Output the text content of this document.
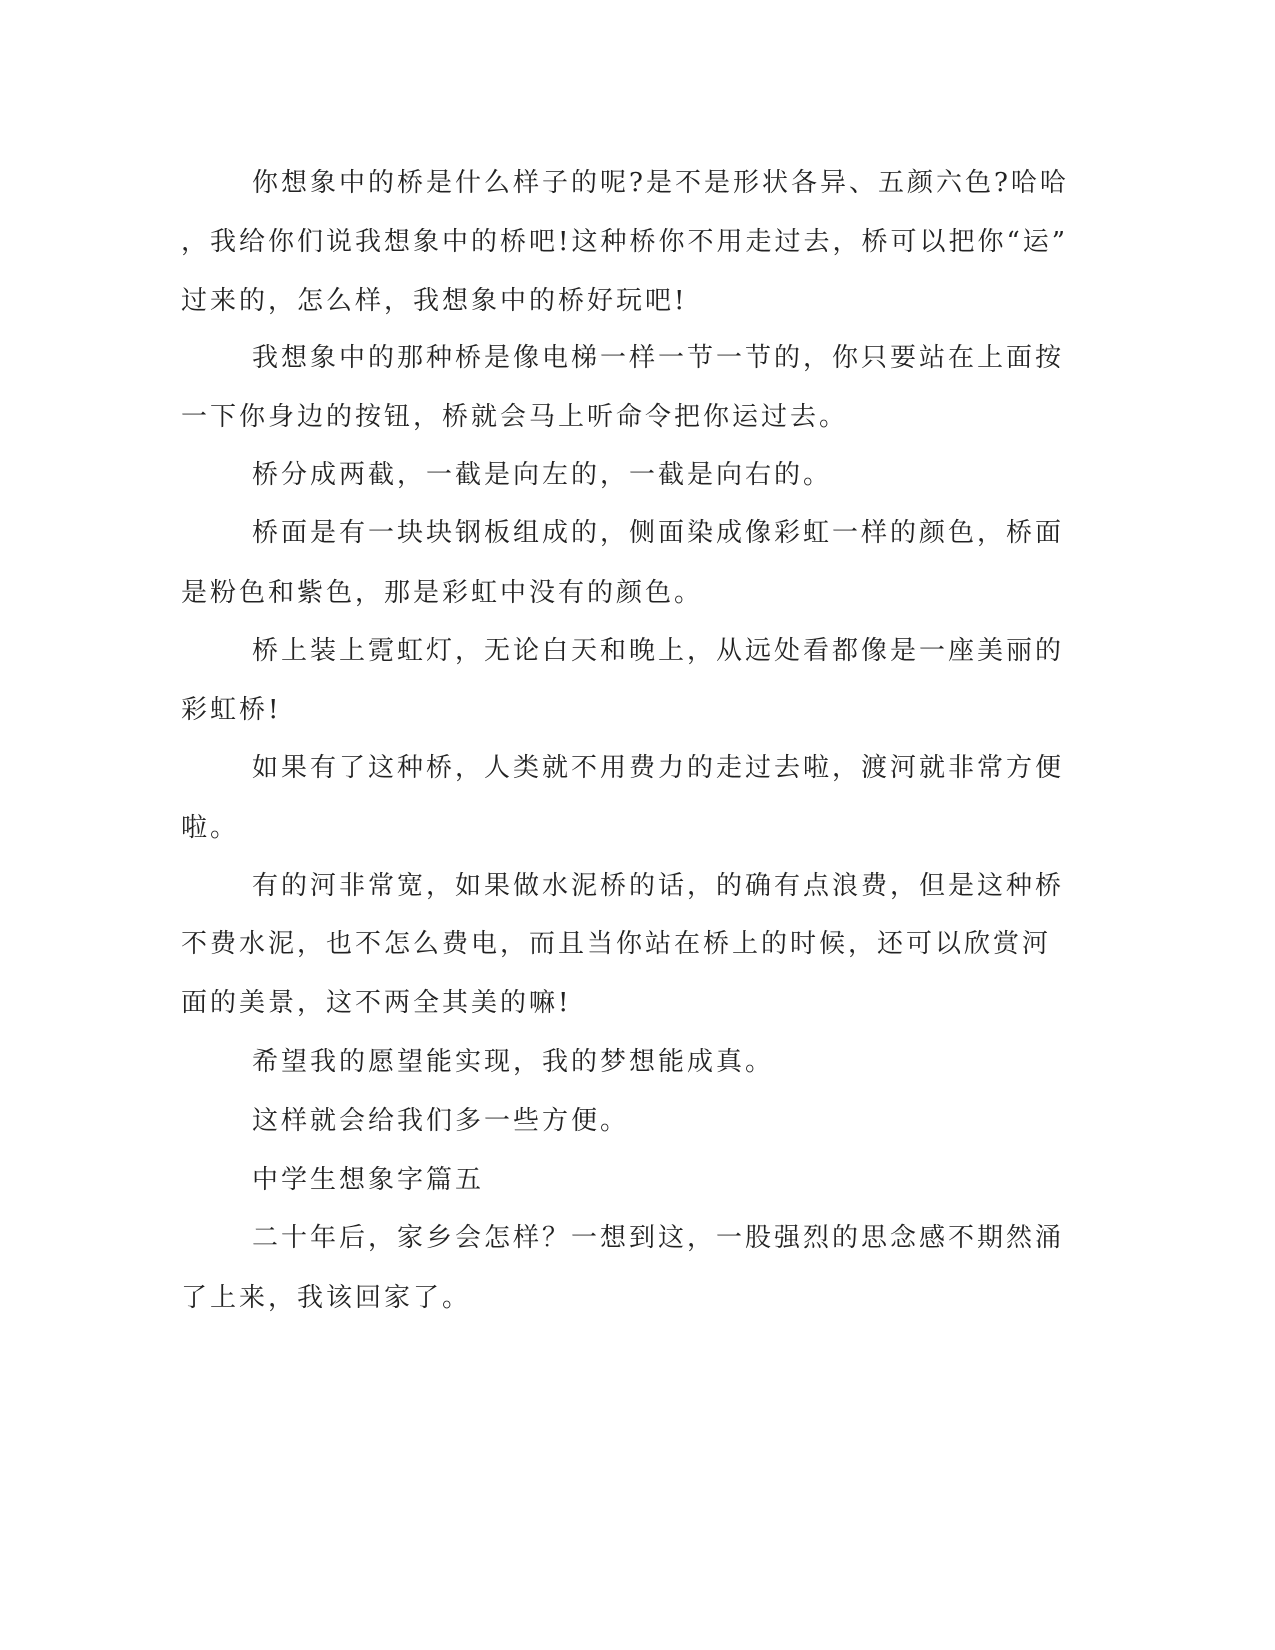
你想象中的桥是什么样子的呢?是不是形状各异、五颜六色?哈哈
，我给你们说我想象中的桥吧!这种桥你不用走过去，桥可以把你“运”
过来的，怎么样，我想象中的桥好玩吧!
我想象中的那种桥是像电梯一样一节一节的，你只要站在上面按
一下你身边的按钮，桥就会马上听命令把你运过去。
桥分成两截，一截是向左的，一截是向右的。
桥面是有一块块钢板组成的，侧面染成像彩虹一样的颜色，桥面
是粉色和紫色，那是彩虹中没有的颜色。
桥上装上霓虹灯，无论白天和晚上，从远处看都像是一座美丽的
彩虹桥!
如果有了这种桥，人类就不用费力的走过去啦，渡河就非常方便
啦。
有的河非常宽，如果做水泥桥的话，的确有点浪费，但是这种桥
不费水泥，也不怎么费电，而且当你站在桥上的时候，还可以欣赏河
面的美景，这不两全其美的嘛!
希望我的愿望能实现，我的梦想能成真。
这样就会给我们多一些方便。
中学生想象字篇五
二十年后，家乡会怎样？一想到这，一股强烈的思念感不期然涌
了上来，我该回家了。
